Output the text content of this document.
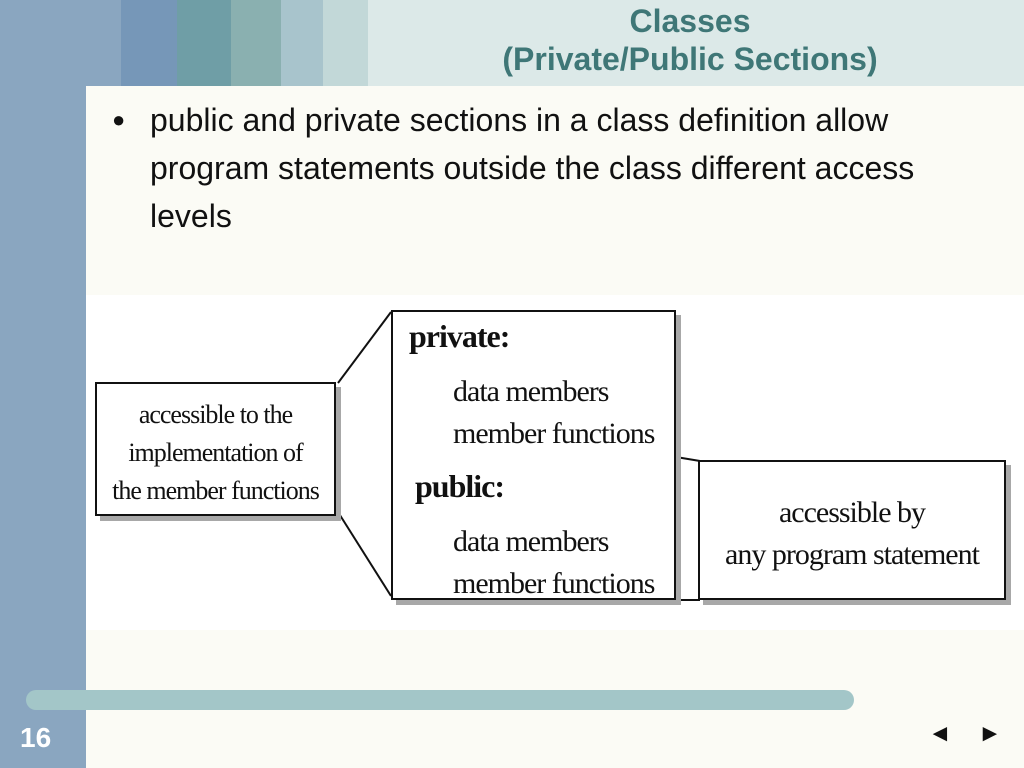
Classes
(Private/Public Sections)
● public and private sections in a class definition allow program statements outside the class different access levels
accessible to the
implementation of
the member functions
private:
data members
member functions
public:
data members
member functions
accessible by
any program statement
16	◄ ►
